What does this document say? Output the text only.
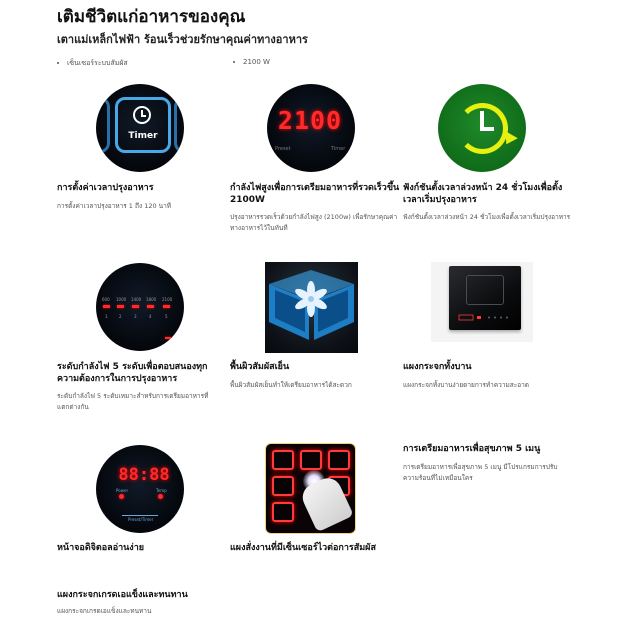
เติมชีวิตแก่อาหารของคุณ
เตาแม่เหล็กไฟฟ้า ร้อนเร็วช่วยรักษาคุณค่าทางอาหาร
เซ็นเซอร์ระบบสัมผัส	2100 W
Timer
การตั้งค่าเวลาปรุงอาหาร
การตั้งค่าเวลาปรุงอาหาร 1 ถึง 120 นาที
2100
Preset	Timer
กำลังไฟสูงเพื่อการเตรียมอาหารที่รวดเร็วขึ้น 2100W
ปรุงอาหารรวดเร็วด้วยกำลังไฟสูง (2100w) เพื่อรักษาคุณค่าทางอาหารไว้ในทันที
ฟังก์ชันตั้งเวลาล่วงหน้า 24 ชั่วโมงเพื่อตั้งเวลาเริ่มปรุงอาหาร
ฟังก์ชันตั้งเวลาล่วงหน้า 24 ชั่วโมงเพื่อตั้งเวลาเริ่มปรุงอาหาร
600 1000 1400 1800 2100
1	2	3	4	5
ระดับกำลังไฟ 5 ระดับเพื่อตอบสนองทุกความต้องการในการปรุงอาหาร
ระดับกำลังไฟ 5 ระดับเหมาะสำหรับการเตรียมอาหารที่แตกต่างกัน
พื้นผิวสัมผัสเย็น
พื้นผิวสัมผัสเย็นทำให้เตรียมอาหารได้สะดวก
แผงกระจกทั้งบาน
แผงกระจกทั้งบานง่ายดายการทำความสะอาด
88:88
Power	Temp
Preset/Timer
หน้าจอดิจิตอลอ่านง่าย	แผงสั่งงานที่มีเซ็นเซอร์ไวต่อการสัมผัส
การเตรียมอาหารเพื่อสุขภาพ 5 เมนู
การเตรียมอาหารเพื่อสุขภาพ 5 เมนู มีโปรแกรมการปรับความร้อนที่ไม่เหมือนใคร
แผงกระจกเกรดเอแข็งและทนทาน
แผงกระจกเกรดเอแข็งและทนทาน
